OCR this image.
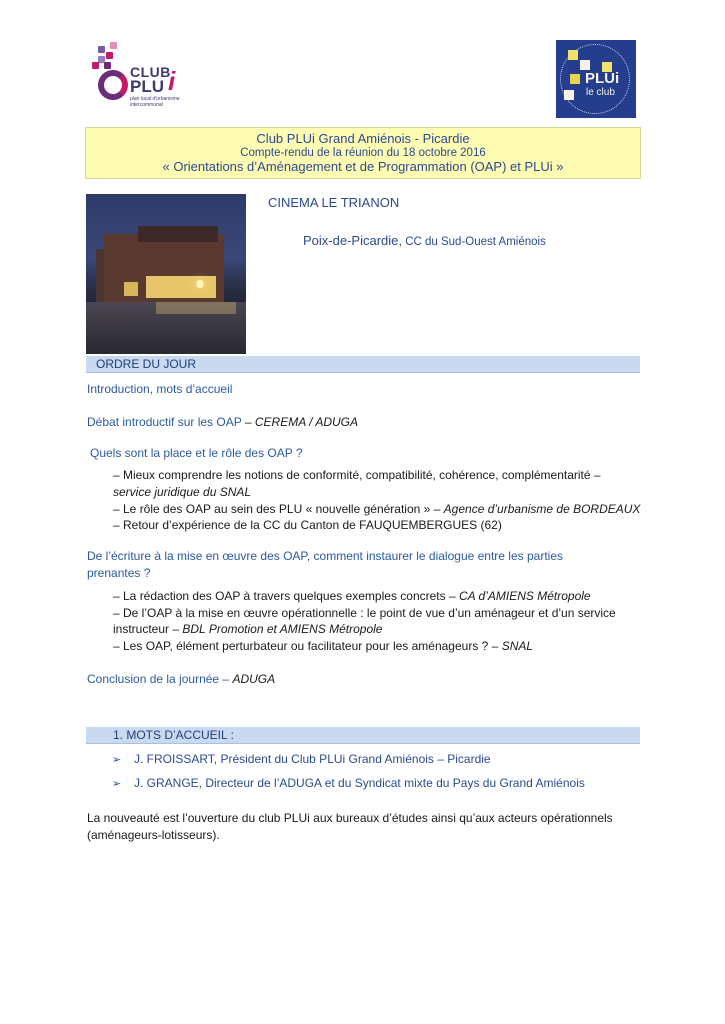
CLUB
PLU i
plan local d'urbanisme intercommunal
PLUi
le club
Club PLUi Grand Amiénois - Picardie
Compte-rendu de la réunion du 18 octobre 2016
« Orientations d’Aménagement et de Programmation (OAP) et PLUi »
CINEMA LE TRIANON
Poix-de-Picardie, CC du Sud-Ouest Amiénois
ORDRE DU JOUR
Introduction, mots d’accueil
Débat introductif sur les OAP – CEREMA / ADUGA
Quels sont la place et le rôle des OAP ?
– Mieux comprendre les notions de conformité, compatibilité, cohérence, complémentarité –
service juridique du SNAL
– Le rôle des OAP au sein des PLU « nouvelle génération » – Agence d’urbanisme de BORDEAUX
– Retour d’expérience de la CC du Canton de FAUQUEMBERGUES (62)
De l’écriture à la mise en œuvre des OAP, comment instaurer le dialogue entre les parties
prenantes ?
– La rédaction des OAP à travers quelques exemples concrets – CA d’AMIENS Métropole
– De l’OAP à la mise en œuvre opérationnelle : le point de vue d’un aménageur et d’un service
instructeur – BDL Promotion et AMIENS Métropole
– Les OAP, élément perturbateur ou facilitateur pour les aménageurs ? – SNAL
Conclusion de la journée – ADUGA
1. MOTS D’ACCUEIL :
➢ J. FROISSART, Président du Club PLUi Grand Amiénois – Picardie
➢ J. GRANGE, Directeur de l’ADUGA et du Syndicat mixte du Pays du Grand Amiénois
La nouveauté est l’ouverture du club PLUi aux bureaux d’études ainsi qu’aux acteurs opérationnels
(aménageurs-lotisseurs).
